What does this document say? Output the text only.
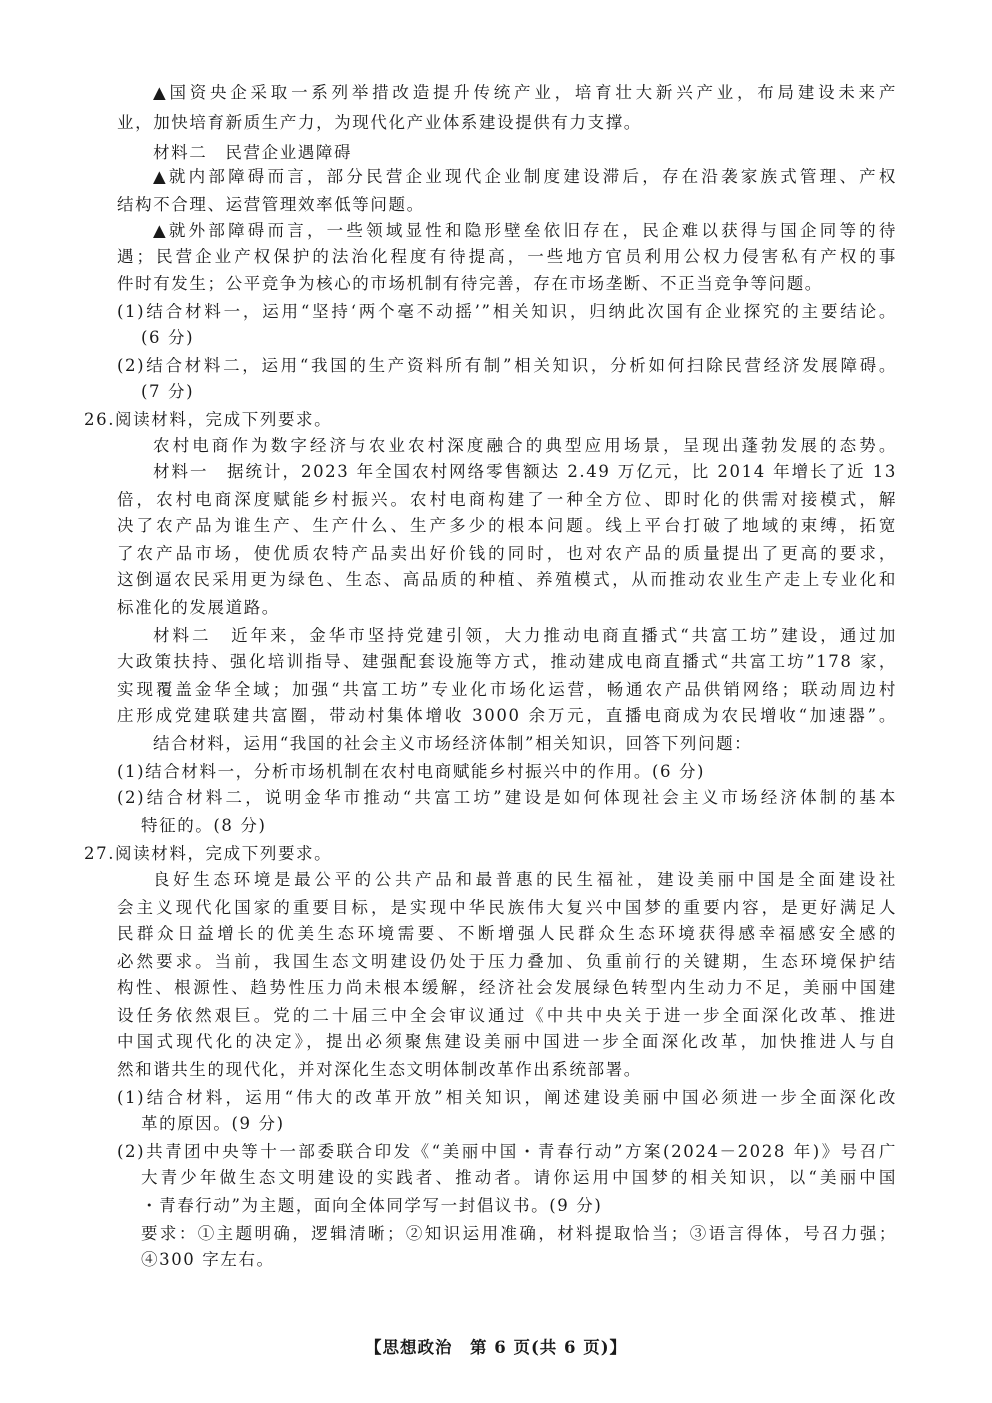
▲国资央企采取一系列举措改造提升传统产业，培育壮大新兴产业，布局建设未来产
业，加快培育新质生产力，为现代化产业体系建设提供有力支撑。
材料二　民营企业遇障碍
▲就内部障碍而言，部分民营企业现代企业制度建设滞后，存在沿袭家族式管理、产权
结构不合理、运营管理效率低等问题。
▲就外部障碍而言，一些领域显性和隐形壁垒依旧存在，民企难以获得与国企同等的待
遇；民营企业产权保护的法治化程度有待提高，一些地方官员利用公权力侵害私有产权的事
件时有发生；公平竞争为核心的市场机制有待完善，存在市场垄断、不正当竞争等问题。
(1)结合材料一，运用“坚持‘两个毫不动摇’”相关知识，归纳此次国有企业探究的主要结论。
(6 分)
(2)结合材料二，运用“我国的生产资料所有制”相关知识，分析如何扫除民营经济发展障碍。
(7 分)
26.阅读材料，完成下列要求。
农村电商作为数字经济与农业农村深度融合的典型应用场景，呈现出蓬勃发展的态势。
材料一　据统计，2023 年全国农村网络零售额达 2.49 万亿元，比 2014 年增长了近 13
倍，农村电商深度赋能乡村振兴。农村电商构建了一种全方位、即时化的供需对接模式，解
决了农产品为谁生产、生产什么、生产多少的根本问题。线上平台打破了地域的束缚，拓宽
了农产品市场，使优质农特产品卖出好价钱的同时，也对农产品的质量提出了更高的要求，
这倒逼农民采用更为绿色、生态、高品质的种植、养殖模式，从而推动农业生产走上专业化和
标准化的发展道路。
材料二　近年来，金华市坚持党建引领，大力推动电商直播式“共富工坊”建设，通过加
大政策扶持、强化培训指导、建强配套设施等方式，推动建成电商直播式“共富工坊”178 家，
实现覆盖金华全域；加强“共富工坊”专业化市场化运营，畅通农产品供销网络；联动周边村
庄形成党建联建共富圈，带动村集体增收 3000 余万元，直播电商成为农民增收“加速器”。
结合材料，运用“我国的社会主义市场经济体制”相关知识，回答下列问题：
(1)结合材料一，分析市场机制在农村电商赋能乡村振兴中的作用。(6 分)
(2)结合材料二，说明金华市推动“共富工坊”建设是如何体现社会主义市场经济体制的基本
特征的。(8 分)
27.阅读材料，完成下列要求。
良好生态环境是最公平的公共产品和最普惠的民生福祉，建设美丽中国是全面建设社
会主义现代化国家的重要目标，是实现中华民族伟大复兴中国梦的重要内容，是更好满足人
民群众日益增长的优美生态环境需要、不断增强人民群众生态环境获得感幸福感安全感的
必然要求。当前，我国生态文明建设仍处于压力叠加、负重前行的关键期，生态环境保护结
构性、根源性、趋势性压力尚未根本缓解，经济社会发展绿色转型内生动力不足，美丽中国建
设任务依然艰巨。党的二十届三中全会审议通过《中共中央关于进一步全面深化改革、推进
中国式现代化的决定》，提出必须聚焦建设美丽中国进一步全面深化改革，加快推进人与自
然和谐共生的现代化，并对深化生态文明体制改革作出系统部署。
(1)结合材料，运用“伟大的改革开放”相关知识，阐述建设美丽中国必须进一步全面深化改
革的原因。(9 分)
(2)共青团中央等十一部委联合印发《“美丽中国・青春行动”方案(2024－2028 年)》号召广
大青少年做生态文明建设的实践者、推动者。请你运用中国梦的相关知识，以“美丽中国
・青春行动”为主题，面向全体同学写一封倡议书。(9 分)
要求：①主题明确，逻辑清晰；②知识运用准确，材料提取恰当；③语言得体，号召力强；
④300 字左右。
【思想政治　第 6 页(共 6 页)】
